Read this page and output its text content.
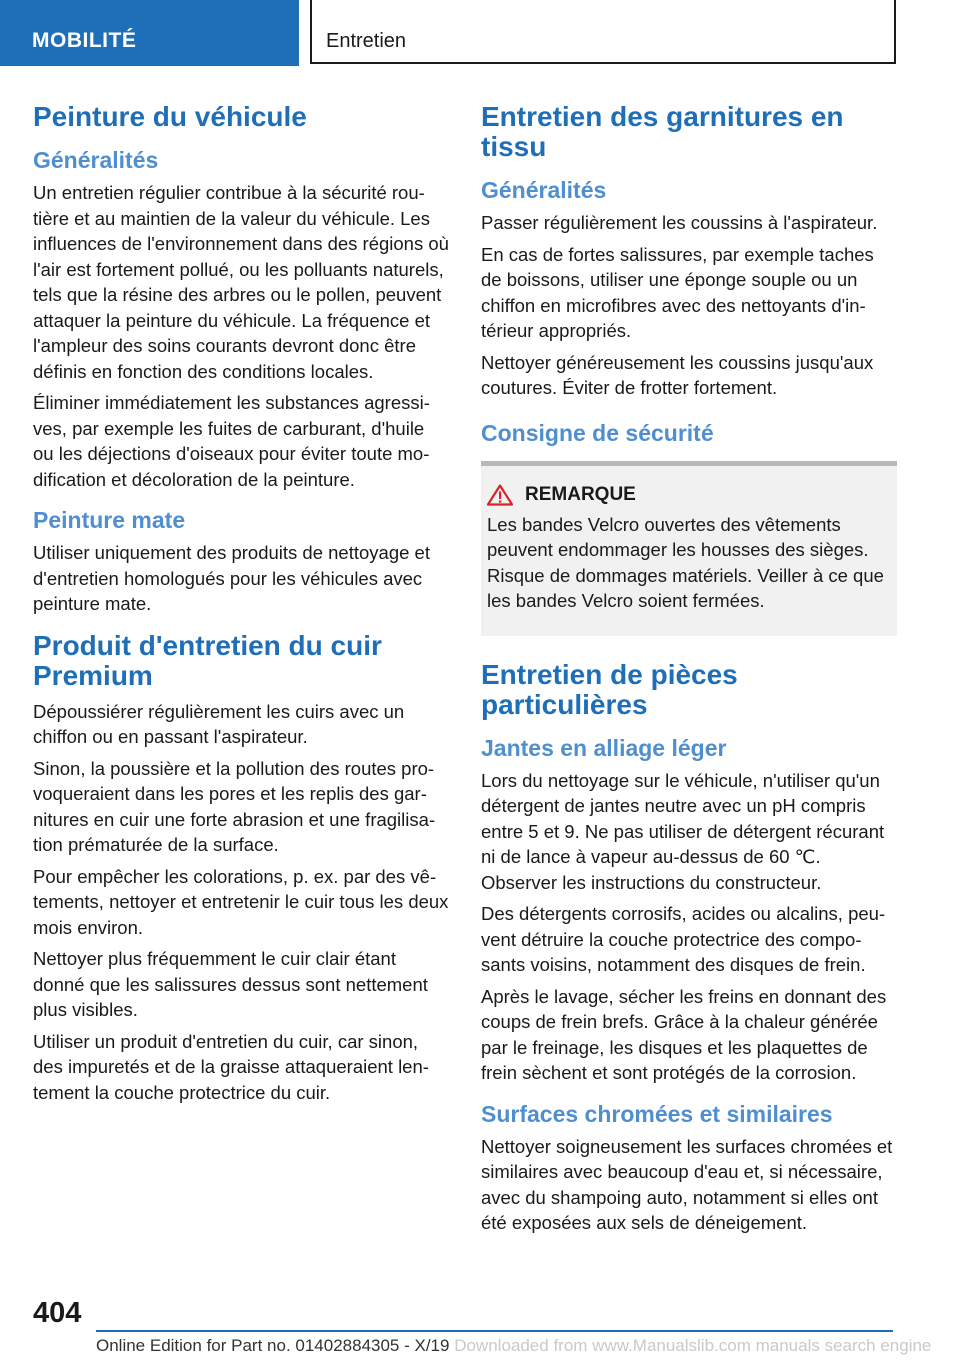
MOBILITÉ	Entretien
Peinture du véhicule
Généralités

Un entretien régulier contribue à la sécurité routière et au maintien de la valeur du véhicule. Les influences de l'environnement dans des régions où l'air est fortement pollué, ou les polluants naturels, tels que la résine des arbres ou le pollen, peuvent attaquer la peinture du véhicule. La fréquence et l'ampleur des soins courants devront donc être définis en fonction des conditions locales.

Éliminer immédiatement les substances agressives, par exemple les fuites de carburant, d'huile ou les déjections d'oiseaux pour éviter toute modification et décoloration de la peinture.

Peinture mate

Utiliser uniquement des produits de nettoyage et d'entretien homologués pour les véhicules avec peinture mate.

Produit d'entretien du cuir Premium

Dépoussiérer régulièrement les cuirs avec un chiffon ou en passant l'aspirateur.

Sinon, la poussière et la pollution des routes provoqueraient dans les pores et les replis des garnitures en cuir une forte abrasion et une fragilisation prématurée de la surface.

Pour empêcher les colorations, p. ex. par des vêtements, nettoyer et entretenir le cuir tous les deux mois environ.

Nettoyer plus fréquemment le cuir clair étant donné que les salissures dessus sont nettement plus visibles.

Utiliser un produit d'entretien du cuir, car sinon, des impuretés et de la graisse attaqueraient lentement la couche protectrice du cuir.

Entretien des garnitures en tissu
Généralités

Passer régulièrement les coussins à l'aspirateur.

En cas de fortes salissures, par exemple taches de boissons, utiliser une éponge souple ou un chiffon en microfibres avec des nettoyants d'intérieur appropriés.

Nettoyer généreusement les coussins jusqu'aux coutures. Éviter de frotter fortement.

Consigne de sécurité
REMARQUE

Les bandes Velcro ouvertes des vêtements peuvent endommager les housses des sièges. Risque de dommages matériels. Veiller à ce que les bandes Velcro soient fermées.

Entretien de pièces particulières
Jantes en alliage léger

Lors du nettoyage sur le véhicule, n'utiliser qu'un détergent de jantes neutre avec un pH compris entre 5 et 9. Ne pas utiliser de détergent récurant ni de lance à vapeur au-dessus de 60 ℃. Observer les instructions du constructeur.

Des détergents corrosifs, acides ou alcalins, peuvent détruire la couche protectrice des composants voisins, notamment des disques de frein.

Après le lavage, sécher les freins en donnant des coups de frein brefs. Grâce à la chaleur générée par le freinage, les disques et les plaquettes de frein sèchent et sont protégés de la corrosion.

Surfaces chromées et similaires

Nettoyer soigneusement les surfaces chromées et similaires avec beaucoup d'eau et, si nécessaire, avec du shampoing auto, notamment si elles ont été exposées aux sels de déneigement.

404
Online Edition for Part no. 01402884305 - X/19 Downloaded from www.Manualslib.com manuals search engine
